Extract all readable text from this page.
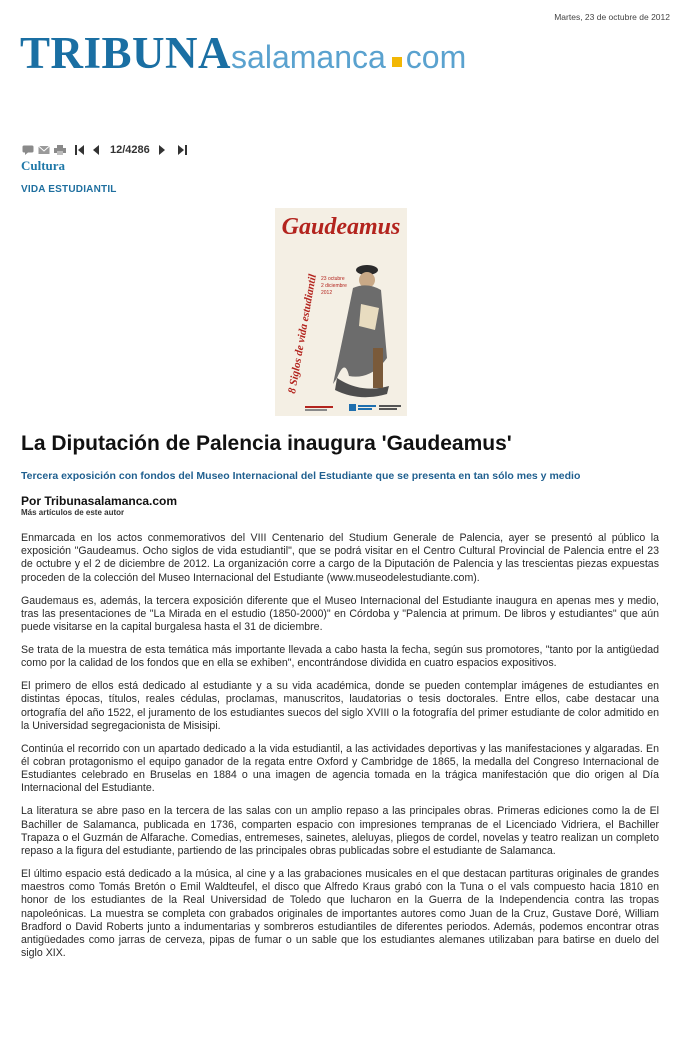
Martes, 23 de octubre de 2012
TRIBUNAsalamanca com
12/4286
Cultura
VIDA ESTUDIANTIL
Gaudeamus
8 Siglos de vida estudiantil 23 octubre
2 diciembre
2012
La Diputación de Palencia inaugura 'Gaudeamus'
Tercera exposición con fondos del Museo Internacional del Estudiante que se presenta en tan sólo mes y medio
Por Tribunasalamanca.com
Más artículos de este autor

Enmarcada en los actos conmemorativos del VIII Centenario del Studium Generale de Palencia, ayer se presentó al público la exposición "Gaudeamus. Ocho siglos de vida estudiantil", que se podrá visitar en el Centro Cultural Provincial de Palencia entre el 23 de octubre y el 2 de diciembre de 2012. La organización corre a cargo de la Diputación de Palencia y las trescientas piezas expuestas proceden de la colección del Museo Internacional del Estudiante (www.museodelestudiante.com).

Gaudemaus es, además, la tercera exposición diferente que el Museo Internacional del Estudiante inaugura en apenas mes y medio, tras las presentaciones de "La Mirada en el estudio (1850-2000)" en Córdoba y "Palencia at primum. De libros y estudiantes" que aún puede visitarse en la capital burgalesa hasta el 31 de diciembre.

Se trata de la muestra de esta temática más importante llevada a cabo hasta la fecha, según sus promotores, "tanto por la antigüedad como por la calidad de los fondos que en ella se exhiben", encontrándose dividida en cuatro espacios expositivos.

El primero de ellos está dedicado al estudiante y a su vida académica, donde se pueden contemplar imágenes de estudiantes en distintas épocas, títulos, reales cédulas, proclamas, manuscritos, laudatorias o tesis doctorales. Entre ellos, cabe destacar una ortografía del año 1522, el juramento de los estudiantes suecos del siglo XVIII o la fotografía del primer estudiante de color admitido en la Universidad segregacionista de Misisipi.

Continúa el recorrido con un apartado dedicado a la vida estudiantil, a las actividades deportivas y las manifestaciones y algaradas. En él cobran protagonismo el equipo ganador de la regata entre Oxford y Cambridge de 1865, la medalla del Congreso Internacional de Estudiantes celebrado en Bruselas en 1884 o una imagen de agencia tomada en la trágica manifestación que dio origen al Día Internacional del Estudiante.

La literatura se abre paso en la tercera de las salas con un amplio repaso a las principales obras. Primeras ediciones como la de El Bachiller de Salamanca, publicada en 1736, comparten espacio con impresiones tempranas de el Licenciado Vidriera, el Bachiller Trapaza o el Guzmán de Alfarache. Comedias, entremeses, sainetes, aleluyas, pliegos de cordel, novelas y teatro realizan un completo repaso a la figura del estudiante, partiendo de las principales obras publicadas sobre el estudiante de Salamanca.

El último espacio está dedicado a la música, al cine y a las grabaciones musicales en el que destacan partituras originales de grandes maestros como Tomás Bretón o Emil Waldteufel, el disco que Alfredo Kraus grabó con la Tuna o el vals compuesto hacia 1810 en honor de los estudiantes de la Real Universidad de Toledo que lucharon en la Guerra de la Independencia contra las tropas napoleónicas. La muestra se completa con grabados originales de importantes autores como Juan de la Cruz, Gustave Doré, William Bradford o David Roberts junto a indumentarias y sombreros estudiantiles de diferentes periodos. Además, podemos encontrar otras antigüedades como jarras de cerveza, pipas de fumar o un sable que los estudiantes alemanes utilizaban para batirse en duelo del siglo XIX.
